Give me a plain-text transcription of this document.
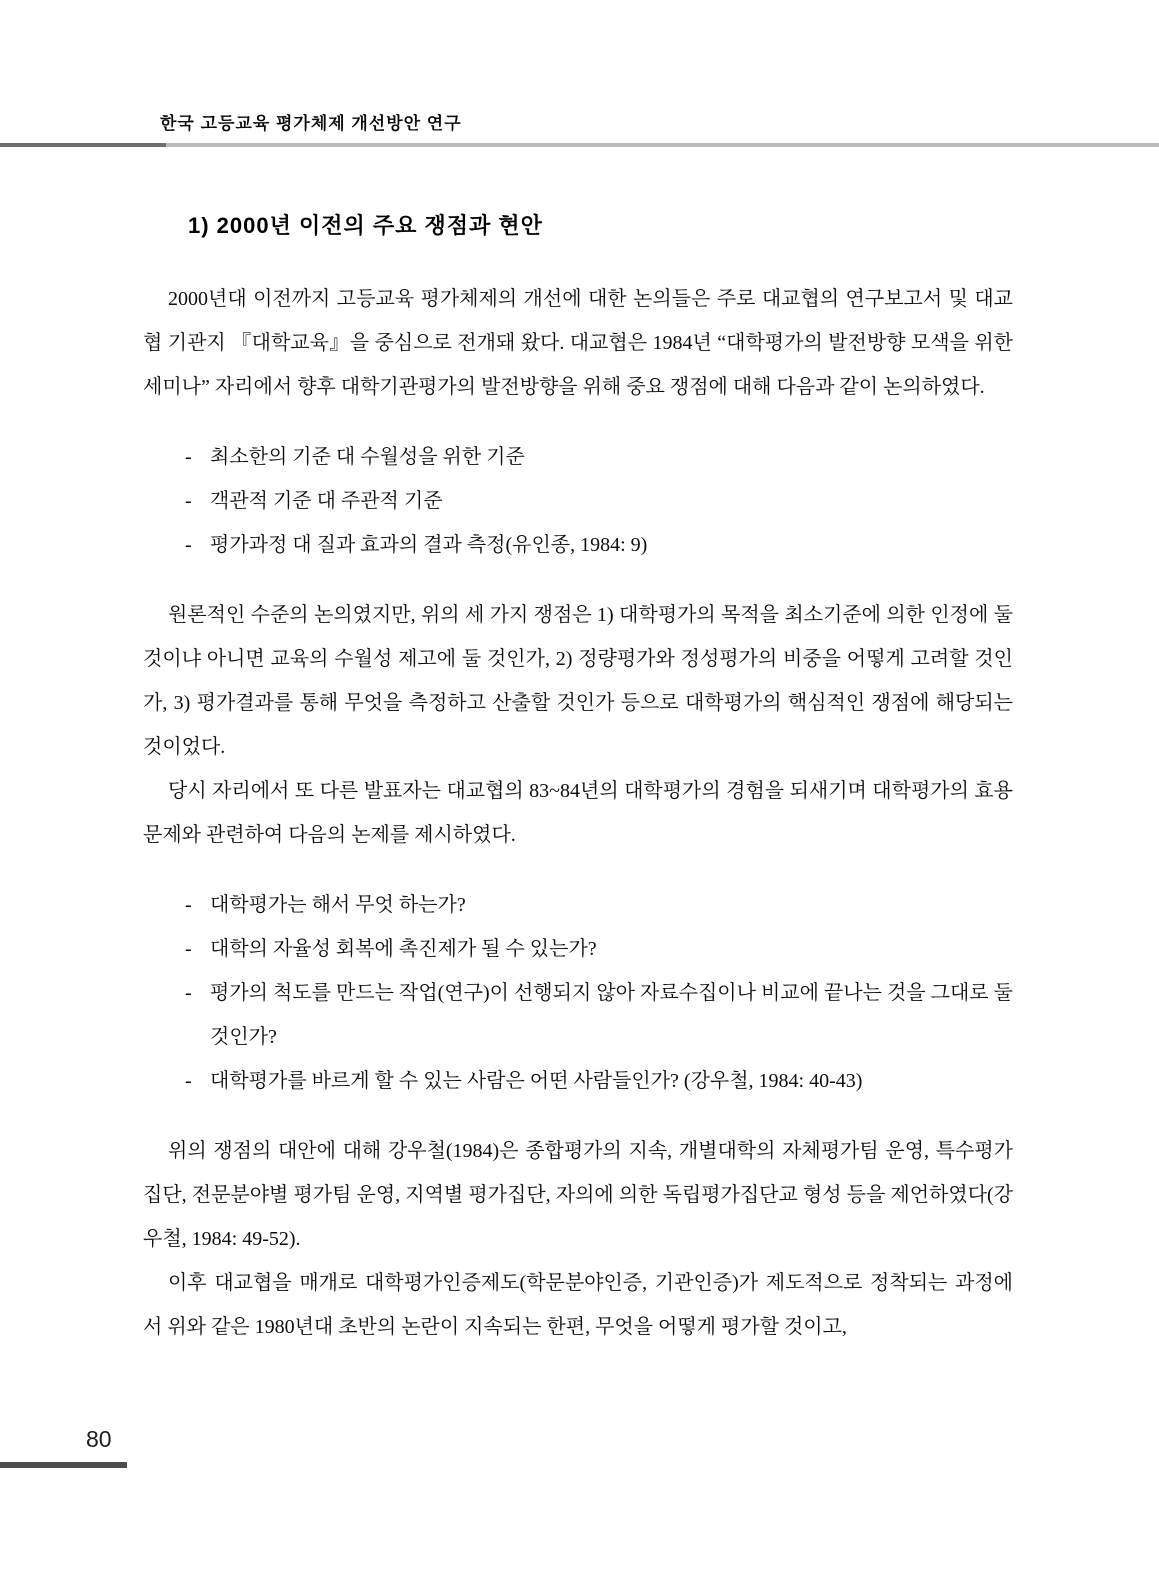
한국 고등교육 평가체제 개선방안 연구
1) 2000년 이전의 주요 쟁점과 현안

2000년대 이전까지 고등교육 평가체제의 개선에 대한 논의들은 주로 대교협의 연구보고서 및 대교협 기관지 『대학교육』을 중심으로 전개돼 왔다. 대교협은 1984년 “대학평가의 발전방향 모색을 위한 세미나” 자리에서 향후 대학기관평가의 발전방향을 위해 중요 쟁점에 대해 다음과 같이 논의하였다.

- 최소한의 기준 대 수월성을 위한 기준
- 객관적 기준 대 주관적 기준
- 평가과정 대 질과 효과의 결과 측정(유인종, 1984: 9)

원론적인 수준의 논의였지만, 위의 세 가지 쟁점은 1) 대학평가의 목적을 최소기준에 의한 인정에 둘 것이냐 아니면 교육의 수월성 제고에 둘 것인가, 2) 정량평가와 정성평가의 비중을 어떻게 고려할 것인가, 3) 평가결과를 통해 무엇을 측정하고 산출할 것인가 등으로 대학평가의 핵심적인 쟁점에 해당되는 것이었다.

당시 자리에서 또 다른 발표자는 대교협의 83~84년의 대학평가의 경험을 되새기며 대학평가의 효용 문제와 관련하여 다음의 논제를 제시하였다.

- 대학평가는 해서 무엇 하는가?
- 대학의 자율성 회복에 촉진제가 될 수 있는가?
- 평가의 척도를 만드는 작업(연구)이 선행되지 않아 자료수집이나 비교에 끝나는 것을 그대로 둘 것인가?
- 대학평가를 바르게 할 수 있는 사람은 어떤 사람들인가? (강우철, 1984: 40-43)

위의 쟁점의 대안에 대해 강우철(1984)은 종합평가의 지속, 개별대학의 자체평가팀 운영, 특수평가집단, 전문분야별 평가팀 운영, 지역별 평가집단, 자의에 의한 독립평가집단교 형성 등을 제언하였다(강우철, 1984: 49-52).

이후 대교협을 매개로 대학평가인증제도(학문분야인증, 기관인증)가 제도적으로 정착되는 과정에서 위와 같은 1980년대 초반의 논란이 지속되는 한편, 무엇을 어떻게 평가할 것이고,

80
